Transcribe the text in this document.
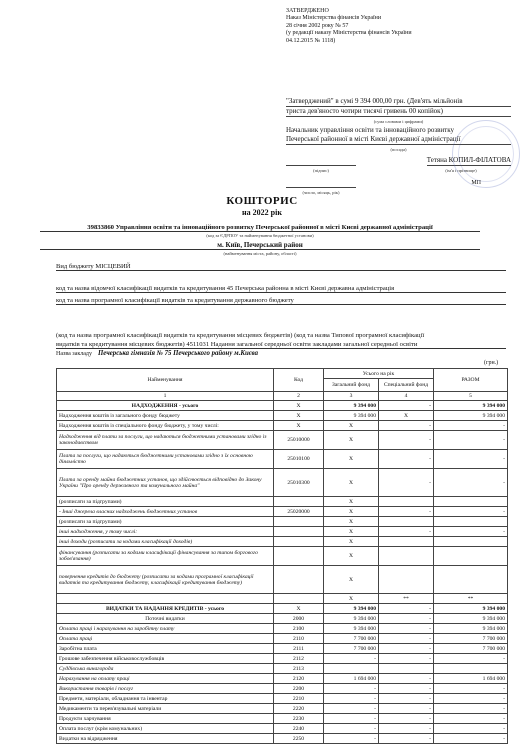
ЗАТВЕРДЖЕНО
Наказ Міністерства фінансів України
28 січня 2002 року № 57
(у редакції наказу Міністерства фінансів України
04.12.2015 № 1118)
"Затверджений" в сумі 9 394 000,00 грн. (Дев'ять мільйонів
триста дев'яносто чотири тисячі гривень 00 копійок)
(сума словами і цифрами)
Начальник управління освіти та інноваційного розвитку
Печерської районної в місті Києві державної адміністрації
(посада)
Тетяна КОПИЛ-ФІЛАТОВА
(підпис)	(ім'я і прізвище)
МП
(число, місяць, рік)
КОШТОРИС
на 2022 рік
39833860 Управління освіти та інноваційного розвитку Печерської районної в місті Києві державної адміністрації
(код за ЄДРПОУ та найменування бюджетної установи)
м. Київ, Печерський район
(найменування міста, району, області)
Вид бюджету МІСЦЕВИЙ
код та назва відомчої класифікації видатків та кредитування 45 Печерська районна в місті Києві державна адміністрація
код та назва програмної класифікації видатків та кредитування державного бюджету
(код та назва програмної класифікації видатків та кредитування місцевих бюджетів) (код та назва Типової програмної класифікації
видатків та кредитування місцевих бюджетів) 4511031 Надання загальної середньої освіти закладами загальної середньої освіти
Назва закладу Печерська гімназія № 75 Печерського району м.Києва
(грн.)
Найменування	Код	Усього на рік		РАЗОМ
		Загальний фонд	Спеціальний фонд	
1	2	3	4	5
НАДХОДЖЕННЯ - усього	Х	9 394 000	-	9 394 000
Надходження коштів із загального фонду бюджету	Х	9 394 000	Х	9 394 000
Надходження коштів із спеціального фонду бюджету, у тому числі:	Х	Х	-	-
Надходження від плати за послуги, що надаються бюджетними установами згідно із законодавством	25010000	Х	-	-
Плата за послуги, що надаються бюджетними установами згідно з їх основною діяльністю	25010100	Х	-	-
Плата за оренду майна бюджетних установ, що здійснюється відповідно до Закону України "Про оренду державного та комунального майна"	25010300	Х	-	-
(розписати за підгрупами)		Х		
- Інші джерела власних надходжень бюджетних установ	25020000	Х	-	-
(розписати за підгрупами)		Х		
інші надходження, у тому числі:		Х	-	-
інші доходи (розписати за кодами класифікації доходів)		Х		
фінансування (розписати за кодами класифікації фінансування за типом боргового зобов'язання)		Х		
повернення кредитів до бюджету (розписати за кодами програмної класифікації видатків та кредитування бюджету, класифікації кредитування бюджету)		Х		
		Х	**	**
ВИДАТКИ ТА НАДАННЯ КРЕДИТІВ - усього	Х	9 394 000	-	9 394 000
Поточні видатки	2000	9 394 000	-	9 394 000
Оплата праці і нарахування на заробітну плату	2100	9 394 000	-	9 394 000
Оплата праці	2110	7 700 000	-	7 700 000
Заробітна плата	2111	7 700 000	-	7 700 000
Грошове забезпечення військовослужбовців	2112	-	-	-
Суддівська винагорода	2113			
Нарахування на оплату праці	2120	1 694 000	-	1 694 000
Використання товарів і послуг	2200	-	-	-
Предмети, матеріали, обладнання та інвентар	2210	-	-	-
Медикаменти та перев'язувальні матеріали	2220	-	-	-
Продукти харчування	2230	-	-	-
Оплата послуг (крім комунальних)	2240	-	-	-
Видатки на відрядження	2250	-	-	-
